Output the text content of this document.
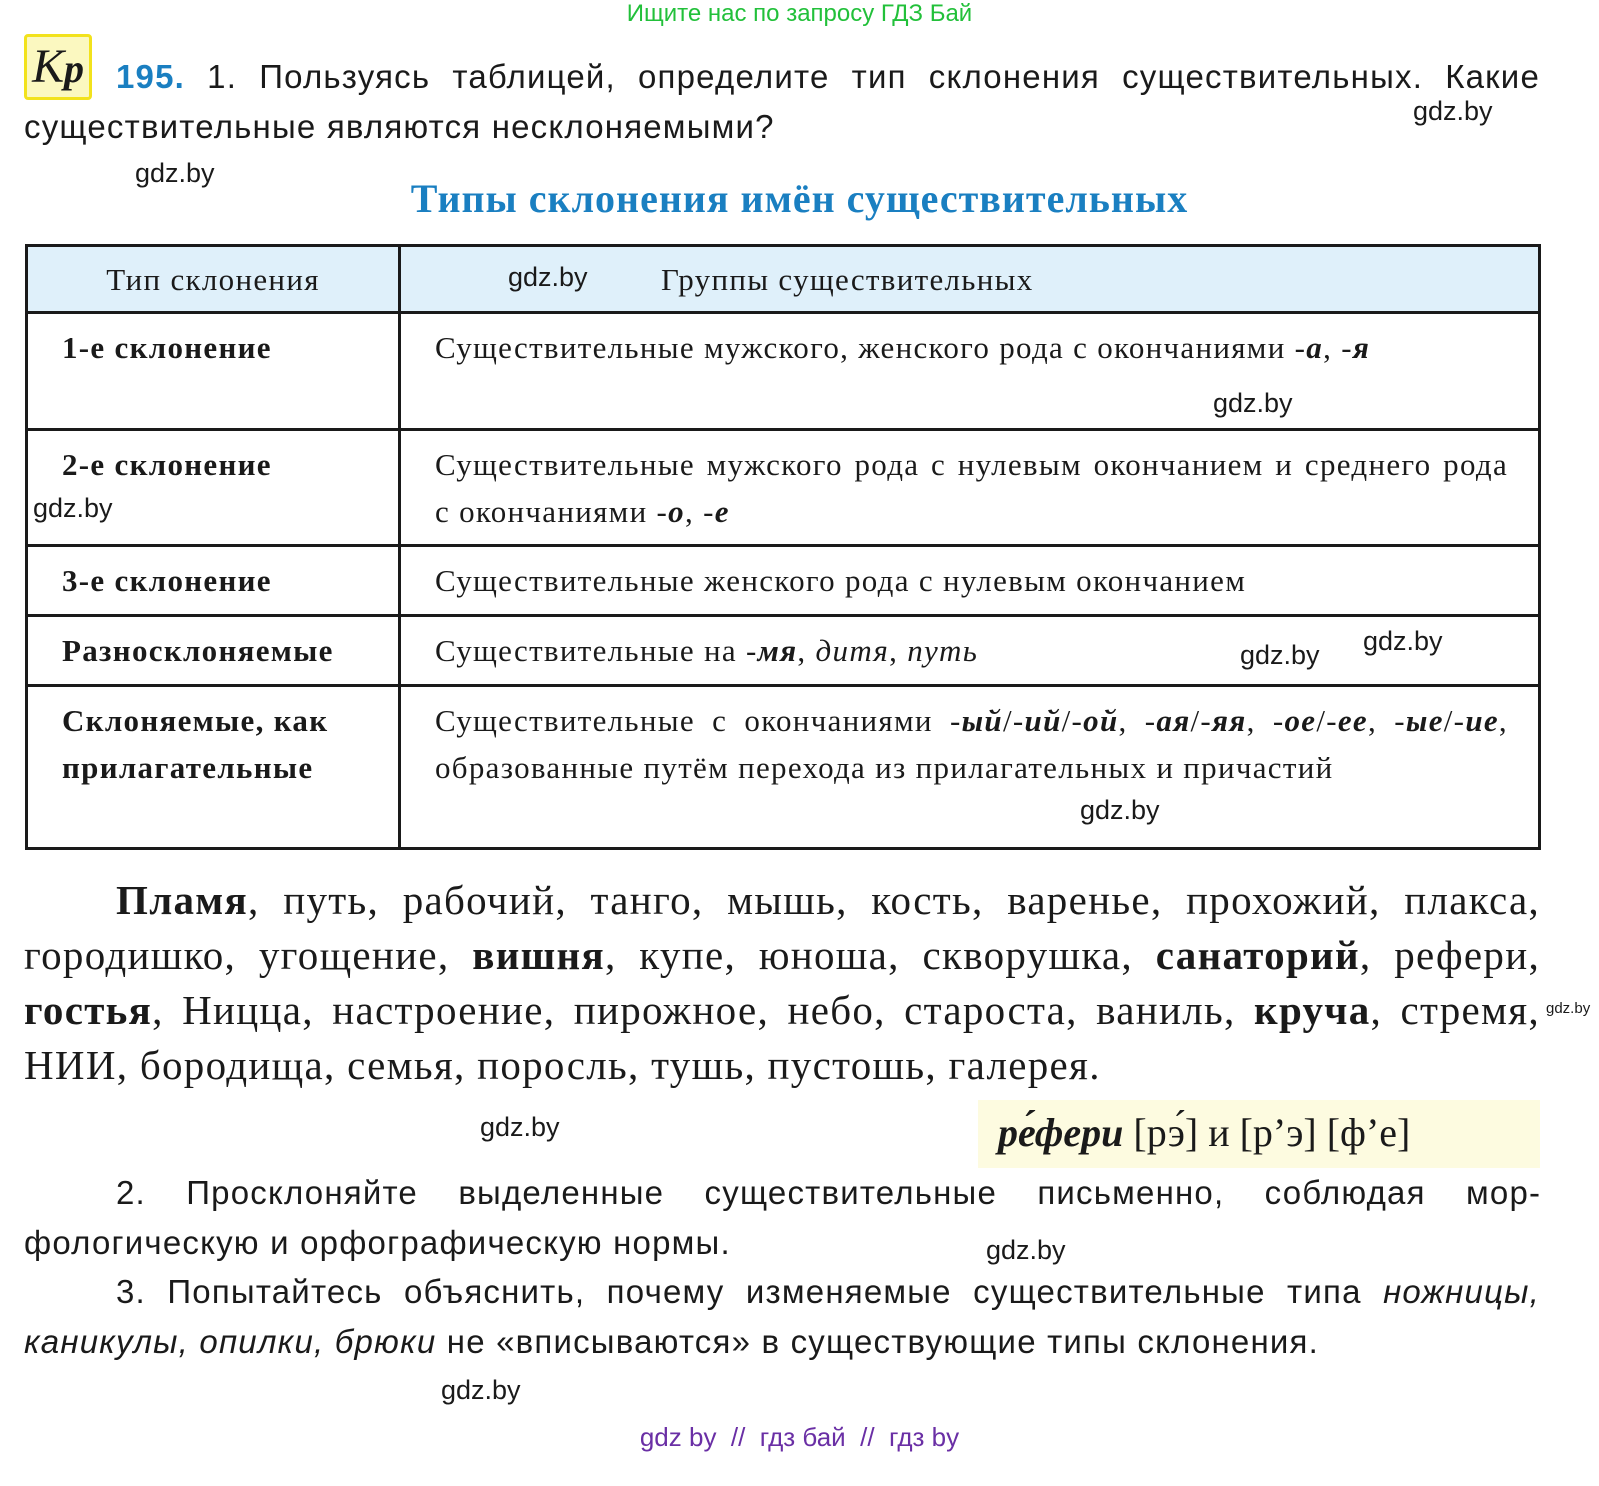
Ищите нас по запросу ГДЗ Бай
Кр 195. 1. Пользуясь таблицей, определите тип склонения существительных. Какие существительные являются несклоняемыми?
Типы склонения имён существительных
Тип склонения	Группы существительных
1-е склонение	Существительные мужского, женского рода с окончаниями -а, -я
2-е склонение	Существительные мужского рода с нулевым окончанием и среднего рода с окончаниями -о, -е
3-е склонение	Существительные женского рода с нулевым окончанием
Разносклоняемые	Существительные на -мя, дитя, путь
Склоняемые, как прилагательные	Существительные с окончаниями -ый/-ий/-ой, -ая/-яя, -ое/-ее, -ые/-ие, образованные путём перехода из прилагательных и причастий
Пламя, путь, рабочий, танго, мышь, кость, варенье, прохожий, плакса, городишко, угощение, вишня, купе, юноша, скворушка, санаторий, рефери, гостья, Ницца, настроение, пирожное, небо, староста, ваниль, круча, стремя, НИИ, бородища, семья, поросль, тушь, пустошь, галерея.
ре́фери [рэ́] и [р’э] [ф’е]
2. Просклоняйте выделенные существительные письменно, соблюдая морфологическую и орфографическую нормы.
3. Попытайтесь объяснить, почему изменяемые существительные типа ножницы, каникулы, опилки, брюки не «вписываются» в существующие типы склонения.
gdz.by
gdz.by
gdz.by
gdz.by
gdz.by
gdz.by
gdz.by
gdz.by
gdz.by
gdz.by
gdz.by
gdz.by
gdz by  //  гдз бай  //  гдз by
